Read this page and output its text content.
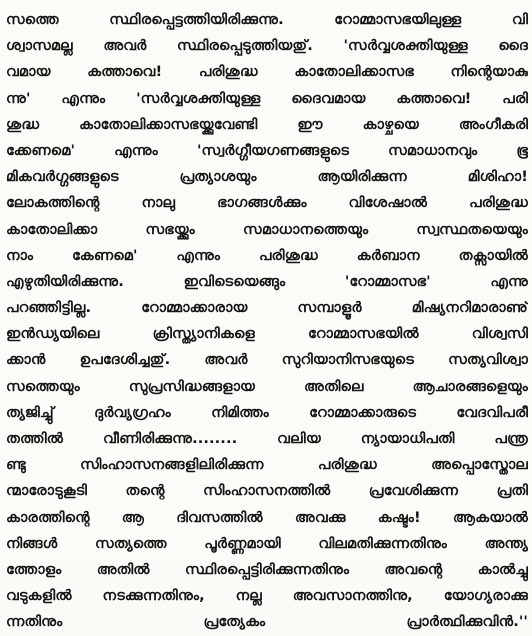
സത്തെ സ്ഥിരപ്പെട്ടത്തിയിരിക്കുന്നു. റോമ്മാസഭയിലുള്ള വി
ശ്വാസമല്ല അവർ സ്ഥിരപ്പെടുത്തിയതു്. 'സർവ്വശക്തിയുള്ള ദൈ
വമായ കത്താവെ! പരിശുദ്ധ കാതോലിക്കാസഭ നിന്റെയാകു
ന്നു' എന്നും 'സർവ്വശക്തിയുള്ള ദൈവമായ കത്താവെ! പരി
ശുദ്ധ കാതോലിക്കാസഭയ്ക്കുവേണ്ടി ഈ കാഴ്ചയെ അംഗീകരി
ക്കേണമെ' എന്നും 'സ്വർഗ്ഗീയഗണങ്ങളുടെ സമാധാനവും ഭൂ
മികവർഗ്ഗങ്ങളുടെ പ്രത്യാശയും ആയിരിക്കുന്ന മിശിഹാ!
ലോകത്തിന്റെ നാലു ഭാഗങ്ങൾക്കും വിശേഷാൽ പരിശുദ്ധ
കാതോലിക്കാ സഭയ്ക്കും സമാധാനത്തെയും സ്വസ്ഥതയെയും
നാം കേണമെ' എന്നും പരിശുദ്ധ കർബാന തക്സായിൽ
എഴുതിയിരിക്കുന്നു. ഇവിടെയെങ്ങും 'റോമ്മാസഭ' എന്നു
പറഞ്ഞിട്ടില്ല. റോമ്മാക്കാരായ സമ്പാളൂർ മിഷ്യനറിമാരാണു്
ഇൻഡ്യയിലെ ക്രിസ്ത്യാനികളെ റോമ്മാസഭയിൽ വിശ്വസി
ക്കാൻ ഉപദേശിച്ചതു്. അവർ സുറിയാനിസഭയുടെ സത്യവിശ്വാ
സത്തെയും സുപ്രസിദ്ധങ്ങളായ അതിലെ ആചാരങ്ങളെയും
ത്യജിച്ചു് ദുർവ്യഗ്രഹം നിമിത്തം റോമ്മാക്കാരുടെ വേദവിപരീ
തത്തിൽ വീണിരിക്കുന്നു........ വലിയ ന്യായാധിപതി പന്ത്ര
ണ്ടു സിംഹാസനങ്ങളിലിരിക്കുന്ന പരിശുദ്ധ അപ്പൊസ്തോല
ന്മാരോടുകൂടി തന്റെ സിംഹാസനത്തിൽ പ്രവേശിക്കുന്ന പ്രതി
കാരത്തിന്റെ ആ ദിവസത്തിൽ അവക്കു കഷ്ടം! ആകയാൽ
നിങ്ങൾ സത്യത്തെ പൂർണ്ണമായി വിലമതിക്കുന്നതിനും അന്ത്യ
ത്തോളം അതിൽ സ്ഥിരപ്പെട്ടിരിക്കുന്നതിനും അവന്റെ കാൽച്ചു
വടുകളിൽ നടക്കുന്നതിനും, നല്ല അവസാനത്തിനു, യോഗ്യരാക്കു
ന്നതിനും പ്രത്യേകം പ്രാർത്ഥിക്കുവിൻ.''
